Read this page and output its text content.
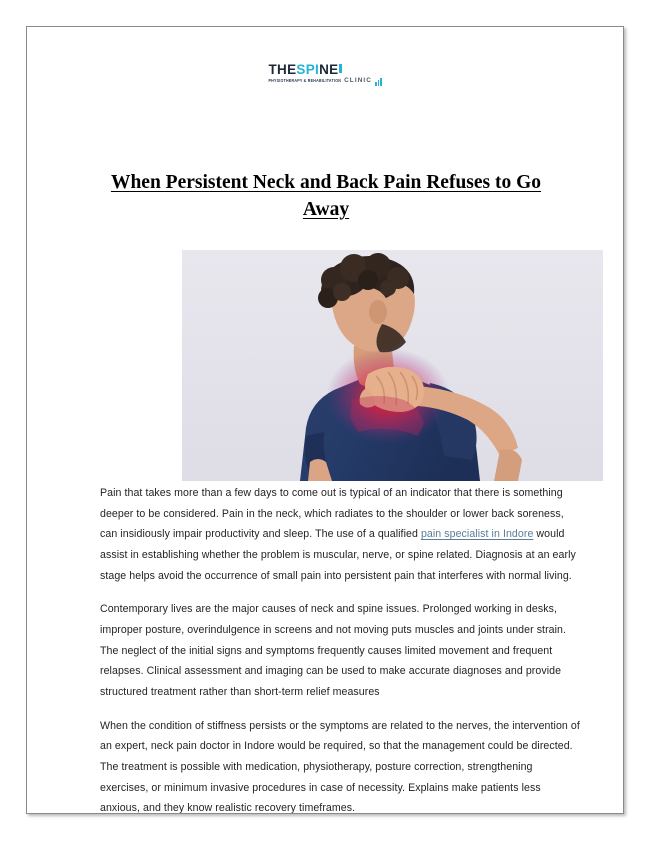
THESPINE
PHYSIOTHERAPY & REHABILITATION CLINIC
When Persistent Neck and Back Pain Refuses to Go Away

Pain that takes more than a few days to come out is typical of an indicator that there is something deeper to be considered. Pain in the neck, which radiates to the shoulder or lower back soreness, can insidiously impair productivity and sleep. The use of a qualified pain specialist in Indore would assist in establishing whether the problem is muscular, nerve, or spine related. Diagnosis at an early stage helps avoid the occurrence of small pain into persistent pain that interferes with normal living.

Contemporary lives are the major causes of neck and spine issues. Prolonged working in desks, improper posture, overindulgence in screens and not moving puts muscles and joints under strain. The neglect of the initial signs and symptoms frequently causes limited movement and frequent relapses. Clinical assessment and imaging can be used to make accurate diagnoses and provide structured treatment rather than short-term relief measures

When the condition of stiffness persists or the symptoms are related to the nerves, the intervention of an expert, neck pain doctor in Indore would be required, so that the management could be directed. The treatment is possible with medication, physiotherapy, posture correction, strengthening exercises, or minimum invasive procedures in case of necessity. Explains make patients less anxious, and they know realistic recovery timeframes.
